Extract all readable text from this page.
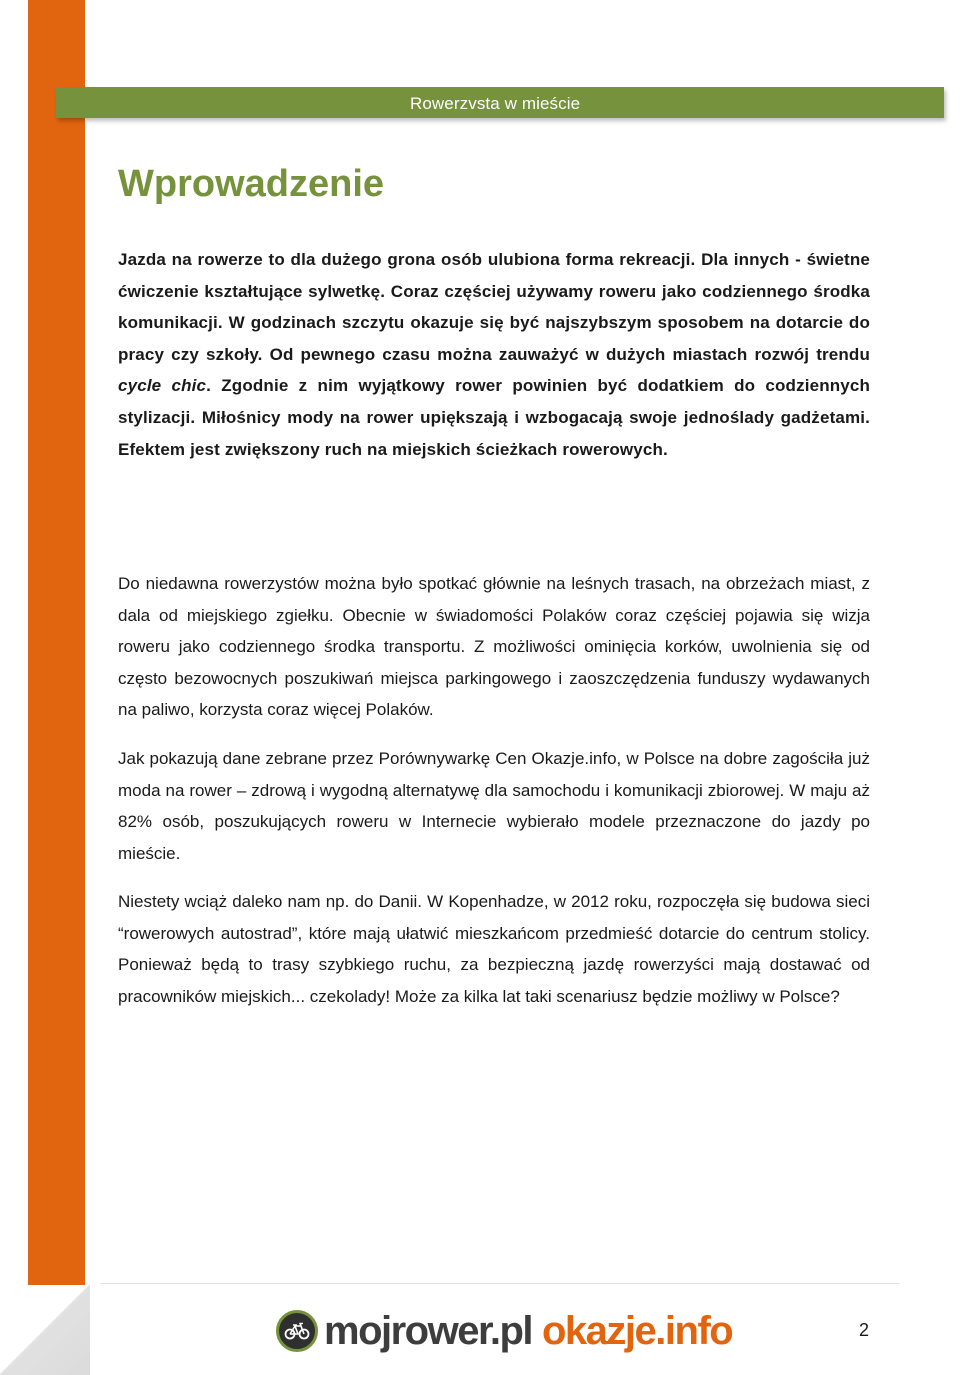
Rowerzvsta w mieście
Wprowadzenie

Jazda na rowerze to dla dużego grona osób ulubiona forma rekreacji. Dla innych - świetne ćwiczenie kształtujące sylwetkę. Coraz częściej używamy roweru jako codziennego środka komunikacji. W godzinach szczytu okazuje się być najszybszym sposobem na dotarcie do pracy czy szkoły. Od pewnego czasu można zauważyć w dużych miastach rozwój trendu cycle chic. Zgodnie z nim wyjątkowy rower powinien być dodatkiem do codziennych stylizacji. Miłośnicy mody na rower upiększają i wzbogacają swoje jednoślady gadżetami. Efektem jest zwiększony ruch na miejskich ścieżkach rowerowych.

Do niedawna rowerzystów można było spotkać głównie na leśnych trasach, na obrzeżach miast, z dala od miejskiego zgiełku. Obecnie w świadomości Polaków coraz częściej pojawia się wizja roweru jako codziennego środka transportu. Z możliwości ominięcia korków, uwolnienia się od często bezowocnych poszukiwań miejsca parkingowego i zaoszczędzenia funduszy wydawanych na paliwo, korzysta coraz więcej Polaków.

Jak pokazują dane zebrane przez Porównywarkę Cen Okazje.info, w Polsce na dobre zagościła już moda na rower – zdrową i wygodną alternatywę dla samochodu i komunikacji zbiorowej. W maju aż 82% osób, poszukujących roweru w Internecie wybierało modele przeznaczone do jazdy po mieście.

Niestety wciąż daleko nam np. do Danii. W Kopenhadze, w 2012 roku, rozpoczęła się budowa sieci “rowerowych autostrad”, które mają ułatwić mieszkańcom przedmieść dotarcie do centrum stolicy. Ponieważ będą to trasy szybkiego ruchu, za bezpieczną jazdę rowerzyści mają dostawać od pracowników miejskich... czekolady! Może za kilka lat taki scenariusz będzie możliwy w Polsce?

mojrower.pl okazje.info	2
